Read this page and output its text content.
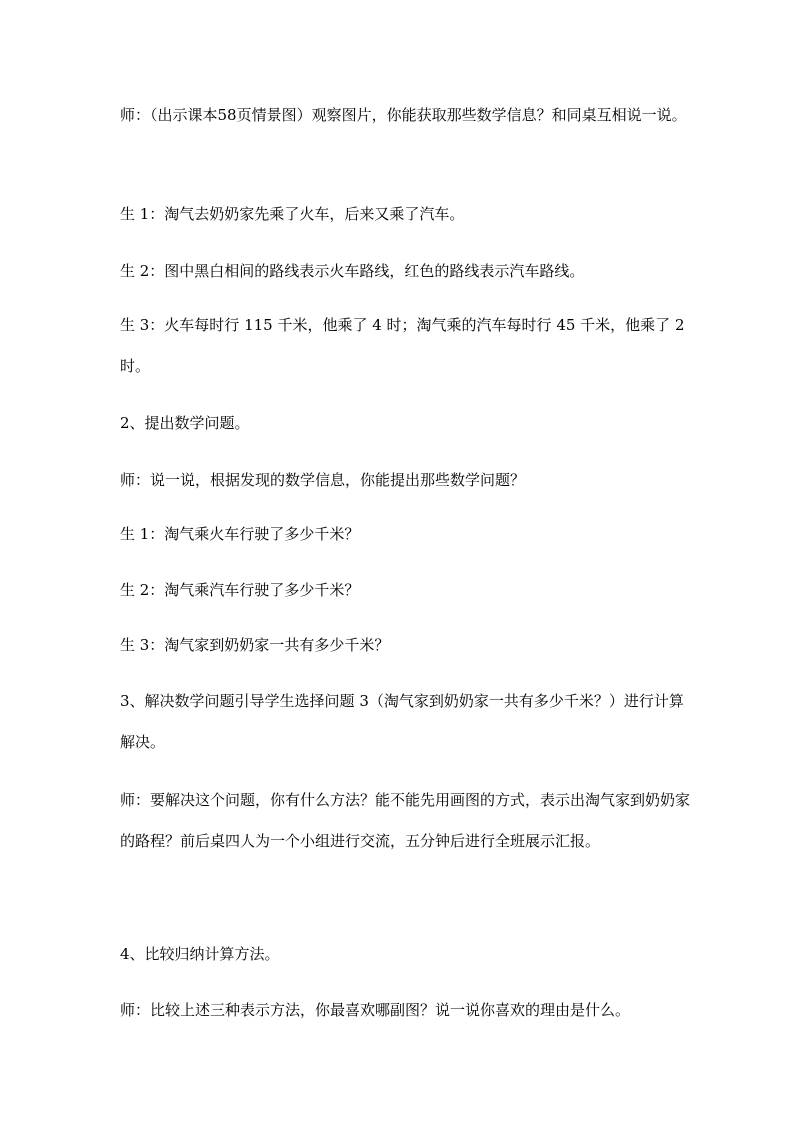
师：（出示课本58页情景图）观察图片，你能获取那些数学信息？和同桌互相说一说。
生 1：淘气去奶奶家先乘了火车，后来又乘了汽车。
生 2：图中黑白相间的路线表示火车路线，红色的路线表示汽车路线。
生 3：火车每时行 115 千米，他乘了 4 时；淘气乘的汽车每时行 45 千米，他乘了 2 时。
2、提出数学问题。
师：说一说，根据发现的数学信息，你能提出那些数学问题？
生 1：淘气乘火车行驶了多少千米？
生 2：淘气乘汽车行驶了多少千米？
生 3：淘气家到奶奶家一共有多少千米？
3、解决数学问题引导学生选择问题 3（淘气家到奶奶家一共有多少千米？）进行计算解决。
师：要解决这个问题，你有什么方法？能不能先用画图的方式，表示出淘气家到奶奶家的路程？前后桌四人为一个小组进行交流，五分钟后进行全班展示汇报。
4、比较归纳计算方法。
师：比较上述三种表示方法，你最喜欢哪副图？说一说你喜欢的理由是什么。
